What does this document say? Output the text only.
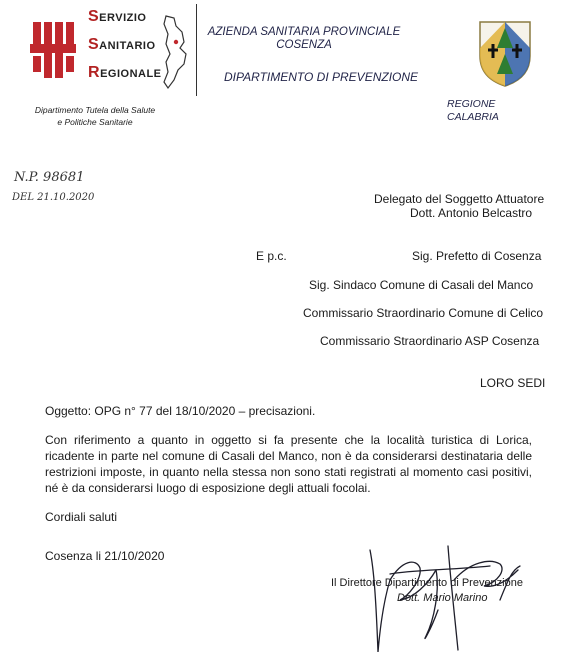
SERVIZIO
SANITARIO
REGIONALE
Dipartimento Tutela della Salute
e Politiche Sanitarie
AZIENDA SANITARIA PROVINCIALE
COSENZA
DIPARTIMENTO DI PREVENZIONE
REGIONE
CALABRIA
N.P. 98681
DEL 21.10.2020	Delegato del Soggetto Attuatore
Dott. Antonio Belcastro
E p.c.	Sig. Prefetto di Cosenza
Sig. Sindaco Comune di Casali del Manco
Commissario Straordinario Comune di Celico
Commissario Straordinario ASP Cosenza
LORO SEDI
Oggetto: OPG n° 77 del 18/10/2020 – precisazioni.
Con riferimento a quanto in oggetto si fa presente che la località turistica di Lorica, ricadente in parte nel comune di Casali del Manco, non è da considerarsi destinataria delle restrizioni imposte, in quanto nella stessa non sono stati registrati al momento casi positivi, né è da considerarsi luogo di esposizione degli attuali focolai.
Cordiali saluti
Cosenza li 21/10/2020
Il Direttore Dipartimento di Prevenzione
Dott. Mario Marino
